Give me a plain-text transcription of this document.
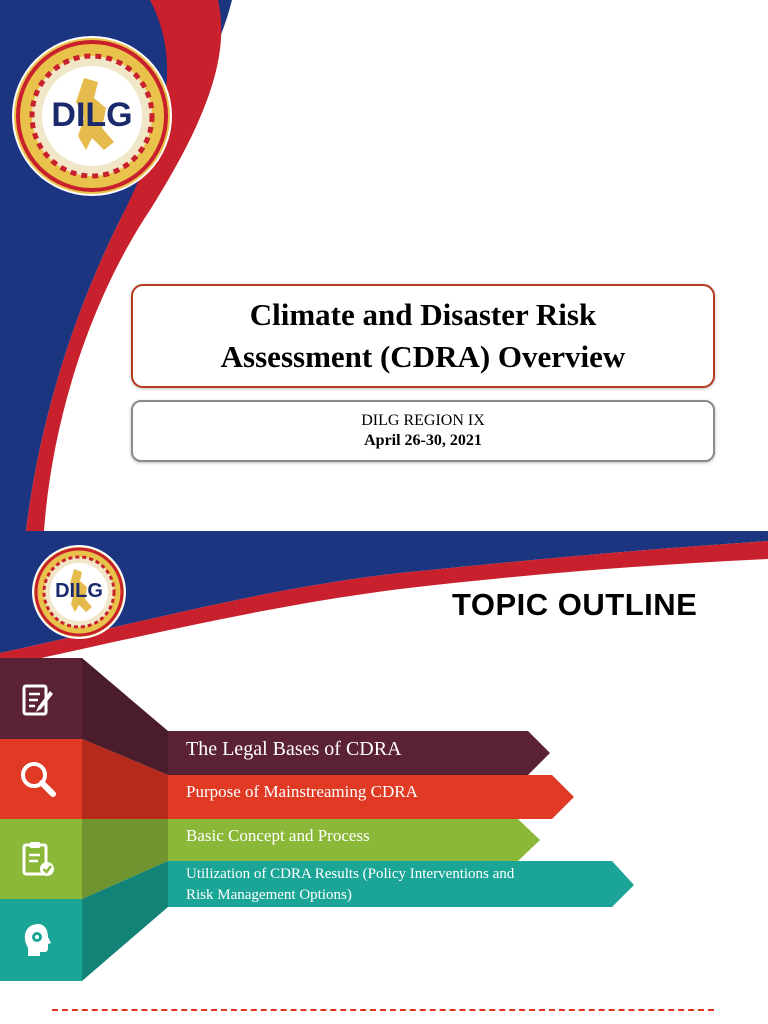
DILG
Climate and Disaster Risk
Assessment (CDRA) Overview
DILG REGION IX
April 26-30, 2021
DILG	TOPIC OUTLINE
The Legal Bases of CDRA
Purpose of Mainstreaming CDRA
Basic Concept and Process
Utilization of CDRA Results (Policy Interventions and
Risk Management Options)
